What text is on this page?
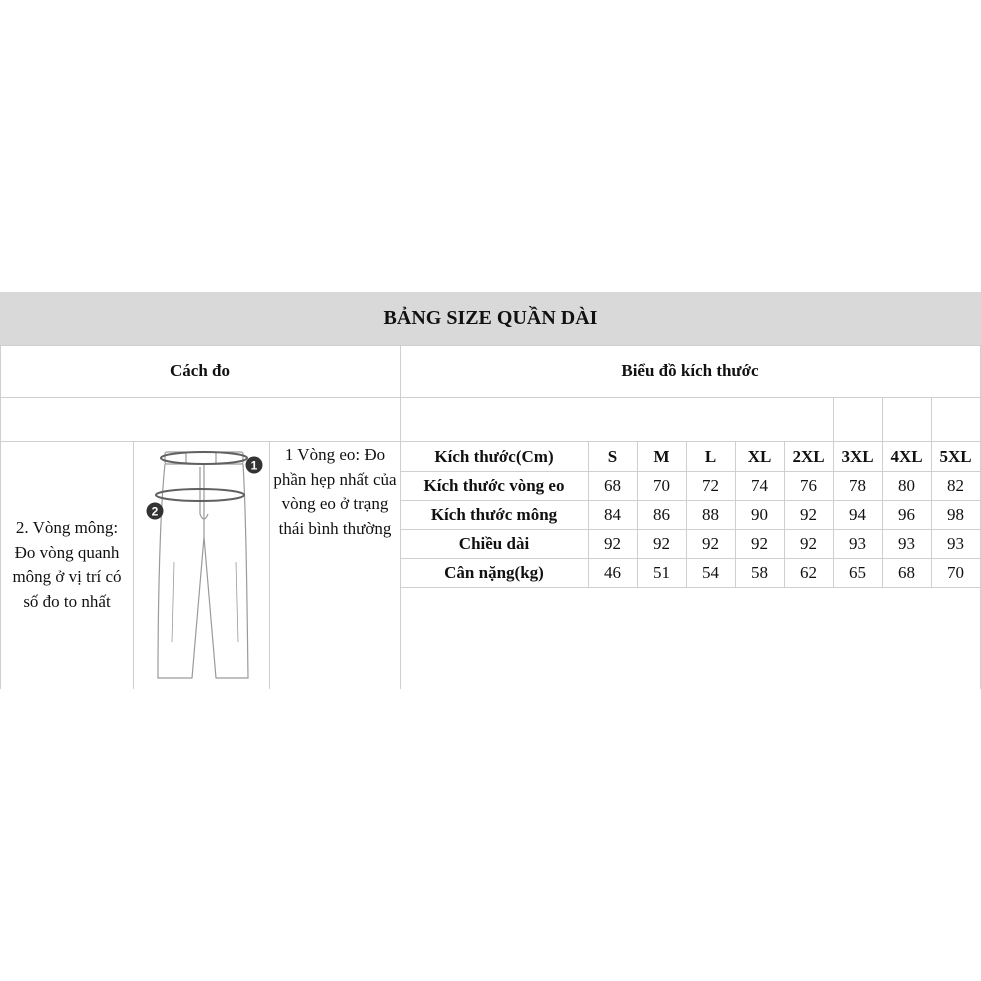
BẢNG SIZE QUẦN DÀI
Cách đo	Biểu đồ kích thước
2. Vòng mông: Đo vòng quanh mông ở vị trí có số đo to nhất
1
2
1 Vòng eo: Đo phần hẹp nhất của vòng eo ở trạng thái bình thường
Kích thước(Cm)	S	M	L	XL	2XL 3XL 4XL 5XL
Kích thước vòng eo	68	70	72	74	76	78	80	82
Kích thước mông	84	86	88	90	92	94	96	98
Chiều dài	92	92	92	92	92	93	93	93
Cân nặng(kg)	46	51	54	58	62	65	68	70
